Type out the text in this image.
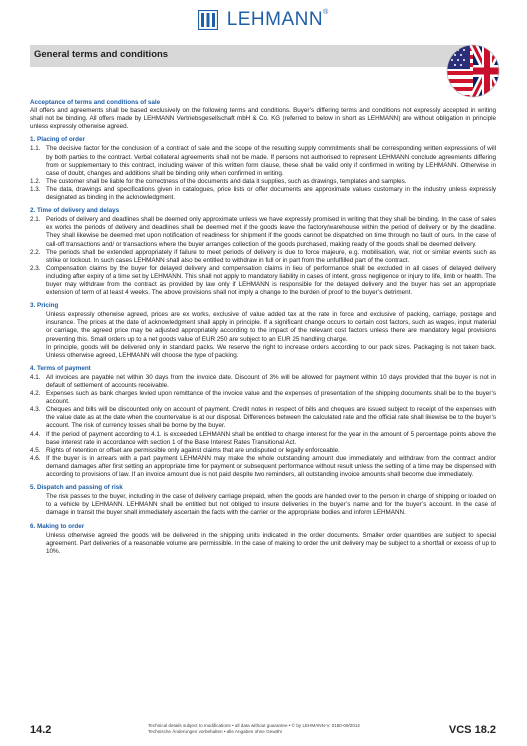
LEHMANN®
General terms and conditions
Acceptance of terms and conditions of sale

All offers and agreements shall be based exclusively on the following terms and conditions. Buyer’s differing terms and conditions not expressly accepted in writing shall not be binding. All offers made by LEHMANN Vertriebsgesellschaft mbH & Co. KG (referred to below in short as LEHMANN) are without obligation in principle unless expressly otherwise agreed.

1. Placing of order
1.1. The decisive factor for the conclusion of a contract of sale and the scope of the resulting supply commitments shall be corresponding written expressions of will by both parties to the contract. Verbal collateral agreements shall not be made. If persons not authorised to represent LEHMANN conclude agreements differing from or supplementary to this contract, including waiver of this written form clause, these shall be valid only if confirmed in writing by LEHMANN. Otherwise in case of doubt, changes and additions shall be binding only when confirmed in writing.
1.2. The customer shall be liable for the correctness of the documents and data it supplies, such as drawings, templates and samples.
1.3. The data, drawings and specifications given in catalogues, price lists or offer documents are approximate values customary in the industry unless expressly designated as binding in the acknowledgment.
2. Time of delivery and delays
2.1. Periods of delivery and deadlines shall be deemed only approximate unless we have expressly promised in writing that they shall be binding. In the case of sales ex works the periods of delivery and deadlines shall be deemed met if the goods leave the factory/warehouse within the period of delivery or by the deadline. They shall likewise be deemed met upon notification of readiness for shipment if the goods cannot be dispatched on time through no fault of ours. In the case of call-off transactions and/ or transactions where the buyer arranges collection of the goods purchased, making ready of the goods shall be deemed delivery.
2.2. The periods shall be extended appropriately if failure to meet periods of delivery is due to force majeure, e.g. mobilisation, war, riot or similar events such as strike or lockout. In such cases LEHMANN shall also be entitled to withdraw in full or in part from the unfulfilled part of the contract.
2.3. Compensation claims by the buyer for delayed delivery and compensation claims in lieu of performance shall be excluded in all cases of delayed delivery including after expiry of a time set by LEHMANN. This shall not apply to mandatory liability in cases of intent, gross negligence or injury to life, limb or health. The buyer may withdraw from the contract as provided by law only if LEHMANN is responsible for the delayed delivery and the buyer has set an appropriate extension of term of at least 4 weeks. The above provisions shall not imply a change to the burden of proof to the buyer’s detriment.
3. Pricing

Unless expressly otherwise agreed, prices are ex works, exclusive of value added tax at the rate in force and exclusive of packing, carriage, postage and insurance. The prices at the date of acknowledgment shall apply in principle. If a significant change occurs to certain cost factors, such as wages, input material or carriage, the agreed price may be adjusted appropriately according to the impact of the relevant cost factors unless there are mandatory legal provisions preventing this. Small orders up to a net goods value of EUR 250 are subject to an EUR 25 handling charge.

In principle, goods will be delivered only in standard packs. We reserve the right to increase orders according to our pack sizes. Packaging is not taken back. Unless otherwise agreed, LEHMANN will choose the type of packing.

4. Terms of payment
4.1. All invoices are payable net within 30 days from the invoice date. Discount of 3% will be allowed for payment within 10 days provided that the buyer is not in default of settlement of accounts receivable.
4.2. Expenses such as bank charges levied upon remittance of the invoice value and the expenses of presentation of the shipping documents shall be to the buyer’s account.
4.3. Cheques and bills will be discounted only on account of payment. Credit notes in respect of bills and cheques are issued subject to receipt of the expenses with the value date as at the date when the countervalue is at our disposal. Differences between the calculated rate and the official rate shall likewise be to the buyer’s account. The risk of currency losses shall be borne by the buyer.
4.4. If the period of payment according to 4.1. is exceeded LEHMANN shall be entitled to charge interest for the year in the amount of 5 percentage points above the base interest rate in accordance with section 1 of the Base Interest Rates Transitional Act.
4.5. Rights of retention or offset are permissible only against claims that are undisputed or legally enforceable.
4.6. If the buyer is in arrears with a part payment LEHMANN may make the whole outstanding amount due immediately and withdraw from the contract and/or demand damages after first setting an appropriate time for payment or subsequent performance without result unless the setting of a time may be dispensed with according to provisions of law. If an invoice amount due is not paid despite two reminders, all outstanding invoice amounts shall become due immediately.
5. Dispatch and passing of risk

The risk passes to the buyer, including in the case of delivery carriage prepaid, when the goods are handed over to the person in charge of shipping or loaded on to a vehicle by LEHMANN. LEHMANN shall be entitled but not obliged to insure deliveries in the buyer’s name and for the buyer’s account. In the case of damage in transit the buyer shall immediately ascertain the facts with the carrier or the appropriate bodies and inform LEHMANN.

6. Making to order

Unless otherwise agreed the goods will be delivered in the shipping units indicated in the order documents. Smaller order quantities are subject to special agreement. Part deliveries of a reasonable volume are permissible. In the case of making to order the unit delivery may be subject to a shortfall or excess of up to 10%.

14.2	Technical details subject to modifications • all data without guarantee • © by LEHMANN-V. 0180-09/2012
Technische Änderungen vorbehalten • alle Angaben ohne Gewähr	VCS 18.2
